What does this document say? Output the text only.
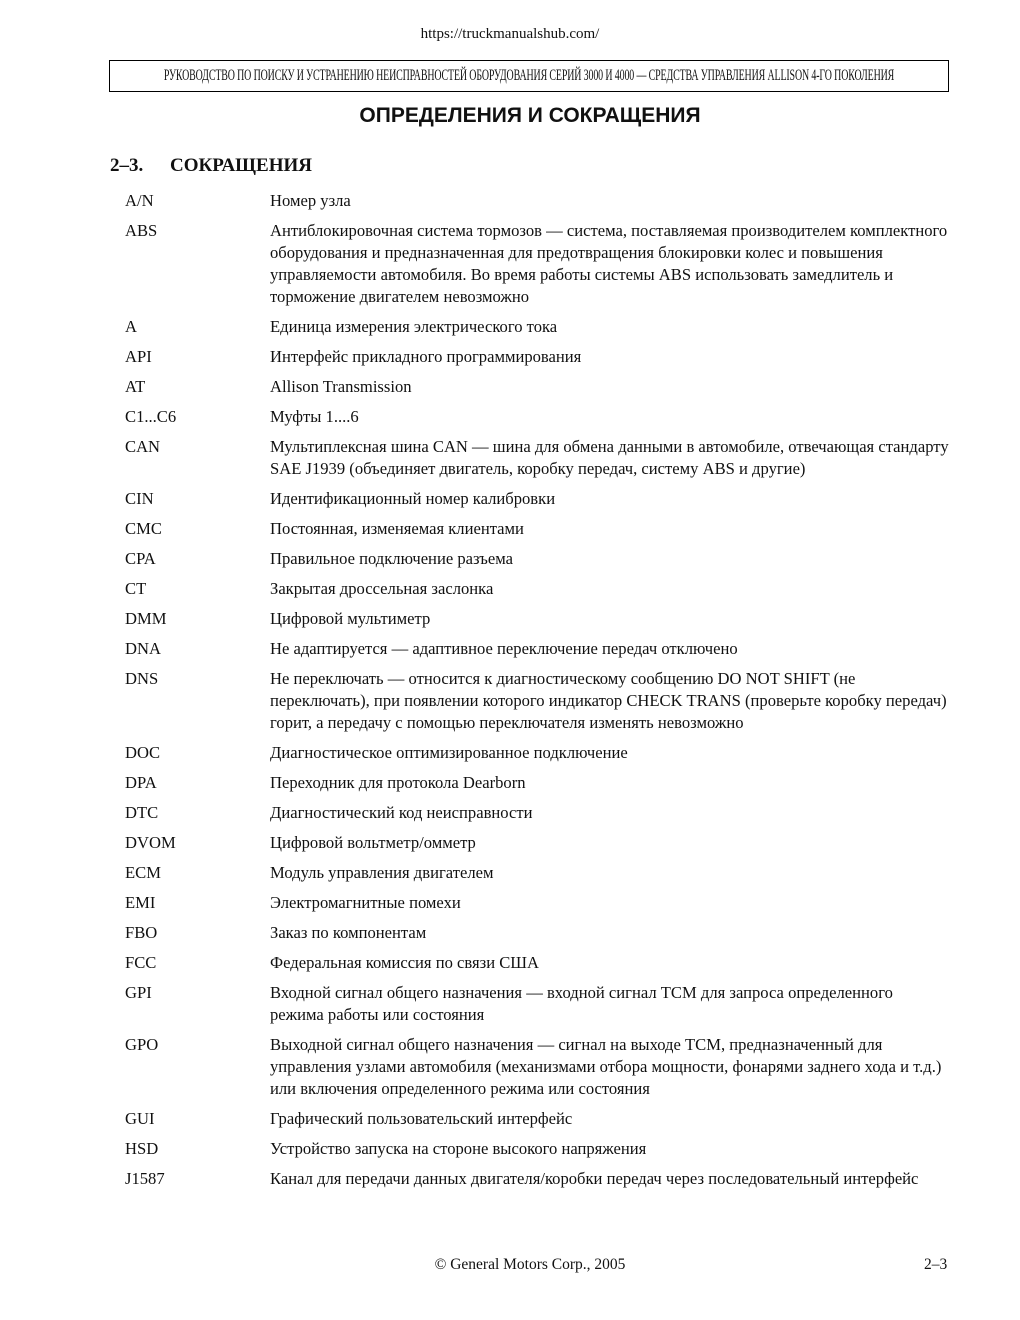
https://truckmanualshub.com/
РУКОВОДСТВО ПО ПОИСКУ И УСТРАНЕНИЮ НЕИСПРАВНОСТЕЙ ОБОРУДОВАНИЯ СЕРИЙ 3000 И 4000 — СРЕДСТВА УПРАВЛЕНИЯ ALLISON 4-ГО ПОКОЛЕНИЯ
ОПРЕДЕЛЕНИЯ И СОКРАЩЕНИЯ
2–3. СОКРАЩЕНИЯ
A/N	Номер узла
ABS	Антиблокировочная система тормозов — система, поставляемая производителем комплектного оборудования и предназначенная для предотвращения блокировки колес и повышения управляемости автомобиля. Во время работы системы ABS использовать замедлитель и торможение двигателем невозможно
A	Единица измерения электрического тока
API	Интерфейс прикладного программирования
AT	Allison Transmission
C1...C6	Муфты 1....6
CAN	Мультиплексная шина CAN — шина для обмена данными в автомобиле, отвечающая стандарту SAE J1939 (объединяет двигатель, коробку передач, систему ABS и другие)
CIN	Идентификационный номер калибровки
CMC	Постоянная, изменяемая клиентами
CPA	Правильное подключение разъема
CT	Закрытая дроссельная заслонка
DMM	Цифровой мультиметр
DNA	Не адаптируется — адаптивное переключение передач отключено
DNS	Не переключать — относится к диагностическому сообщению DO NOT SHIFT (не переключать), при появлении которого индикатор CHECK TRANS (проверьте коробку передач) горит, а передачу с помощью переключателя изменять невозможно
DOC	Диагностическое оптимизированное подключение
DPA	Переходник для протокола Dearborn
DTC	Диагностический код неисправности
DVOM	Цифровой вольтметр/омметр
ECM	Модуль управления двигателем
EMI	Электромагнитные помехи
FBO	Заказ по компонентам
FCC	Федеральная комиссия по связи США
GPI	Входной сигнал общего назначения — входной сигнал TCM для запроса определенного режима работы или состояния
GPO	Выходной сигнал общего назначения — сигнал на выходе TCM, предназначенный для управления узлами автомобиля (механизмами отбора мощности, фонарями заднего хода и т.д.) или включения определенного режима или состояния
GUI	Графический пользовательский интерфейс
HSD	Устройство запуска на стороне высокого напряжения
J1587	Канал для передачи данных двигателя/коробки передач через последовательный интерфейс
© General Motors Corp., 2005	2–3
